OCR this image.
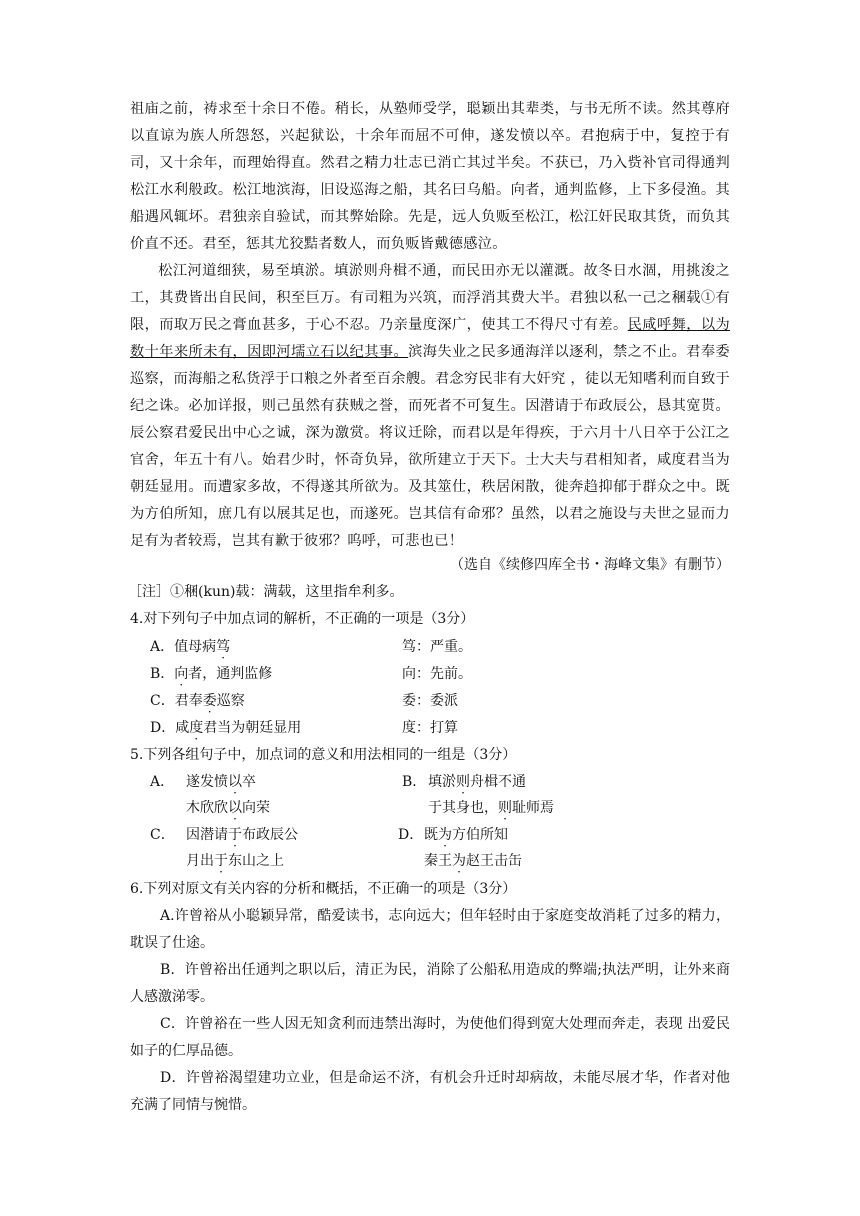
祖庙之前，祷求至十余日不倦。稍长，从塾师受学，聪颖出其辈类，与书无所不读。然其尊府以直谅为族人所怨怒，兴起狱讼，十余年而屈不可伸，遂发愤以卒。君抱病于中，复控于有司，又十余年，而理始得直。然君之精力壮志已消亡其过半矣。不获已，乃入赀补官司得通判松江水利般政。松江地滨海，旧设巡海之船，其名曰乌船。向者，通判监修，上下多侵渔。其船遇风辄坏。君独亲自验试，而其弊始除。先是，远人负贩至松江，松江奸民取其货，而负其价直不还。君至，惩其尤狡黠者数人，而负贩皆戴德感泣。
松江河道细狭，易至填淤。填淤则舟楫不通，而民田亦无以灌溉。故冬日水涸，用挑浚之工，其费皆出自民间，积至巨万。有司粗为兴筑，而浮消其费大半。君独以私一己之稛载①有限，而取万民之膏血甚多，于心不忍。乃亲量度深广，使其工不得尺寸有差。民咸呼舞，以为数十年来所未有，因即河壖立石以纪其事。滨海失业之民多通海洋以逐利，禁之不止。君奉委巡察，而海船之私货浮于口粮之外者至百余艘。君念穷民非有大奸究 ，徒以无知嗜利而自致于纪之诛。必加详报，则己虽然有获贼之誉，而死者不可复生。因潜请于布政辰公，恳其宽贳。辰公察君爱民出中心之诚，深为激赏。将议迁除，而君以是年得疾，于六月十八日卒于公江之官舍，年五十有八。始君少时，怀奇负异，欲所建立于天下。士大夫与君相知者，咸度君当为朝廷显用。而遭家多故，不得遂其所欲为。及其筮仕，秩居闲散，徙奔趋抑郁于群众之中。既为方伯所知，庶几有以展其足也，而遂死。岂其信有命邪？虽然，以君之施设与夫世之显而力足有为者较焉，岂其有歉于彼邪？呜呼，可悲也已！
（选自《续修四库全书・海峰文集》有删节）
［注］①稛(kun)载：满载，这里指牟利多。
4.对下列句子中加点词的解析，不正确的一项是（3分）
A．值母病笃	笃：严重。
B．向者，通判监修	向：先前。
C．君奉委巡察	委：委派
D．咸度君当为朝廷显用	度：打算
5.下列各组句子中，加点词的意义和用法相同的一组是（3分）
A． 遂发愤以卒
木欣欣以向荣
B． 填淤则舟楫不通
于其身也，则耻师焉
C． 因潜请于布政辰公
月出于东山之上
D． 既为方伯所知
秦王为赵王击缶
6.下列对原文有关内容的分析和概括，不正确一的项是（3分）
A.许曾裕从小聪颖异常，酷爱读书，志向远大；但年轻时由于家庭变故消耗了过多的精力，耽误了仕途。
B．许曾裕出任通判之职以后，清正为民，消除了公船私用造成的弊端;执法严明，让外来商人感激涕零。
C．许曾裕在一些人因无知贪利而违禁出海时，为使他们得到宽大处理而奔走，表现 出爱民如子的仁厚品德。
D．许曾裕渴望建功立业，但是命运不济，有机会升迁时却病故，未能尽展才华，作者对他充满了同情与惋惜。
